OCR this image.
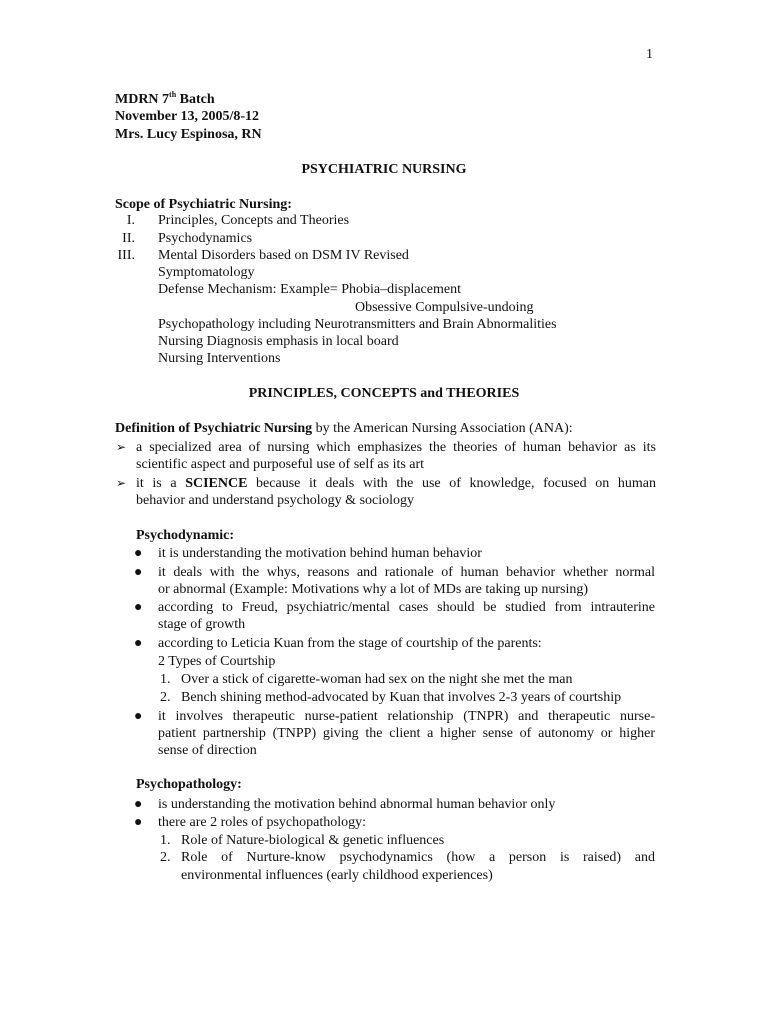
1
MDRN 7th Batch
November 13, 2005/8-12
Mrs. Lucy Espinosa, RN
PSYCHIATRIC NURSING
Scope of Psychiatric Nursing:
I. Principles, Concepts and Theories
II. Psychodynamics
III. Mental Disorders based on DSM IV Revised
Symptomatology
Defense Mechanism: Example= Phobia–displacement
Obsessive Compulsive-undoing
Psychopathology including Neurotransmitters and Brain Abnormalities
Nursing Diagnosis emphasis in local board
Nursing Interventions
PRINCIPLES, CONCEPTS and THEORIES
Definition of Psychiatric Nursing by the American Nursing Association (ANA):
➢ a specialized area of nursing which emphasizes the theories of human behavior as its
scientific aspect and purposeful use of self as its art
➢ it is a SCIENCE because it deals with the use of knowledge, focused on human
behavior and understand psychology & sociology
Psychodynamic:
● it is understanding the motivation behind human behavior
● it deals with the whys, reasons and rationale of human behavior whether normal
or abnormal (Example: Motivations why a lot of MDs are taking up nursing)
● according to Freud, psychiatric/mental cases should be studied from intrauterine
stage of growth
● according to Leticia Kuan from the stage of courtship of the parents:
2 Types of Courtship
1. Over a stick of cigarette-woman had sex on the night she met the man
2. Bench shining method-advocated by Kuan that involves 2-3 years of courtship
● it involves therapeutic nurse-patient relationship (TNPR) and therapeutic nurse-
patient partnership (TNPP) giving the client a higher sense of autonomy or higher
sense of direction
Psychopathology:
● is understanding the motivation behind abnormal human behavior only
● there are 2 roles of psychopathology:
1. Role of Nature-biological & genetic influences
2. Role of Nurture-know psychodynamics (how a person is raised) and
environmental influences (early childhood experiences)
